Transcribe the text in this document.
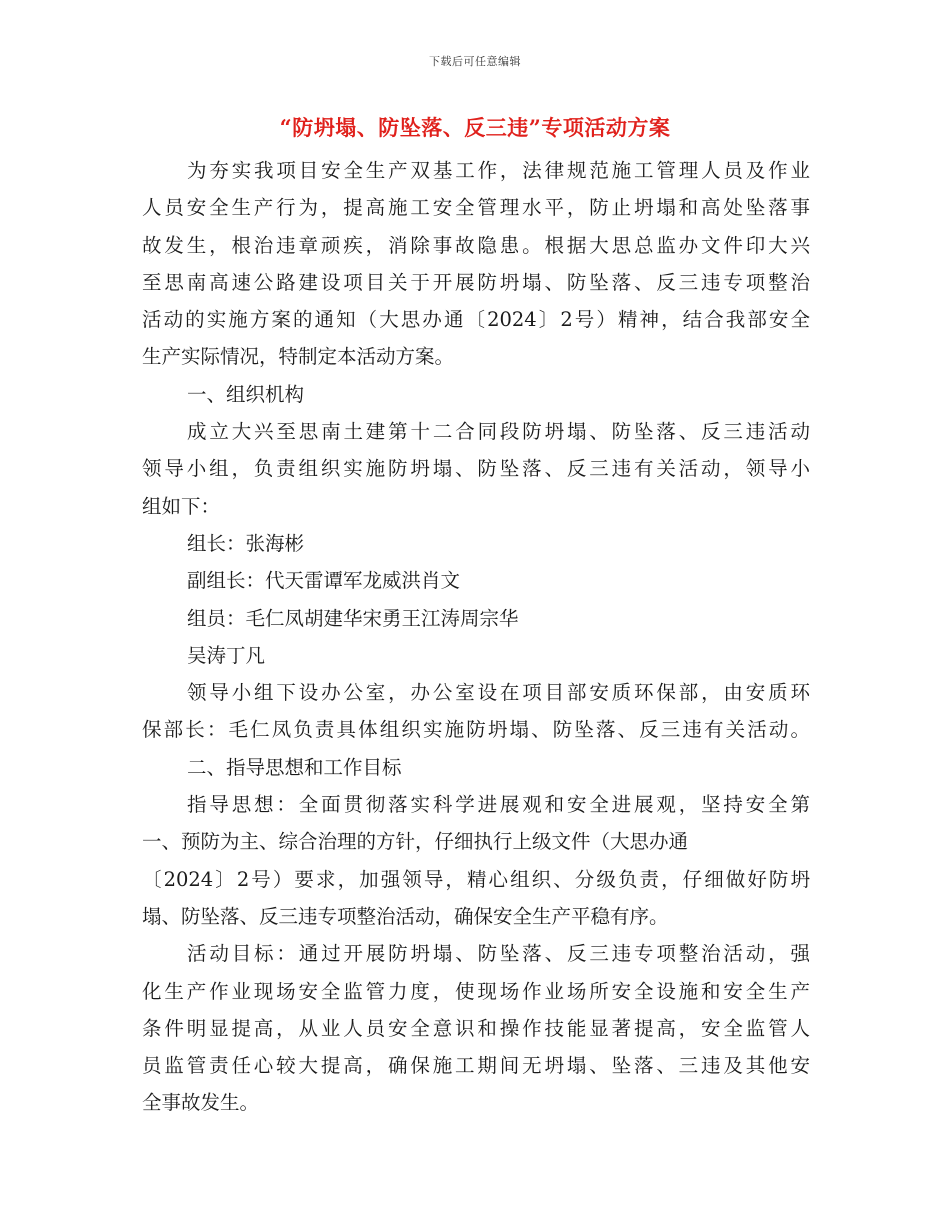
下载后可任意编辑
“防坍塌、防坠落、反三违”专项活动方案
为夯实我项目安全生产双基工作，法律规范施工管理人员及作业
人员安全生产行为，提高施工安全管理水平，防止坍塌和高处坠落事
故发生，根治违章顽疾，消除事故隐患。根据大思总监办文件印大兴
至思南高速公路建设项目关于开展防坍塌、防坠落、反三违专项整治
活动的实施方案的通知（大思办通〔2024〕2号）精神，结合我部安全
生产实际情况，特制定本活动方案。
一、组织机构
成立大兴至思南土建第十二合同段防坍塌、防坠落、反三违活动
领导小组，负责组织实施防坍塌、防坠落、反三违有关活动，领导小
组如下：
组长：张海彬
副组长：代天雷谭军龙威洪肖文
组员：毛仁凤胡建华宋勇王江涛周宗华
吴涛丁凡
领导小组下设办公室，办公室设在项目部安质环保部，由安质环
保部长：毛仁凤负责具体组织实施防坍塌、防坠落、反三违有关活动。
二、指导思想和工作目标
指导思想：全面贯彻落实科学进展观和安全进展观，坚持安全第
一、预防为主、综合治理的方针，仔细执行上级文件（大思办通
〔2024〕2号）要求，加强领导，精心组织、分级负责，仔细做好防坍
塌、防坠落、反三违专项整治活动，确保安全生产平稳有序。
活动目标：通过开展防坍塌、防坠落、反三违专项整治活动，强
化生产作业现场安全监管力度，使现场作业场所安全设施和安全生产
条件明显提高，从业人员安全意识和操作技能显著提高，安全监管人
员监管责任心较大提高，确保施工期间无坍塌、坠落、三违及其他安
全事故发生。
